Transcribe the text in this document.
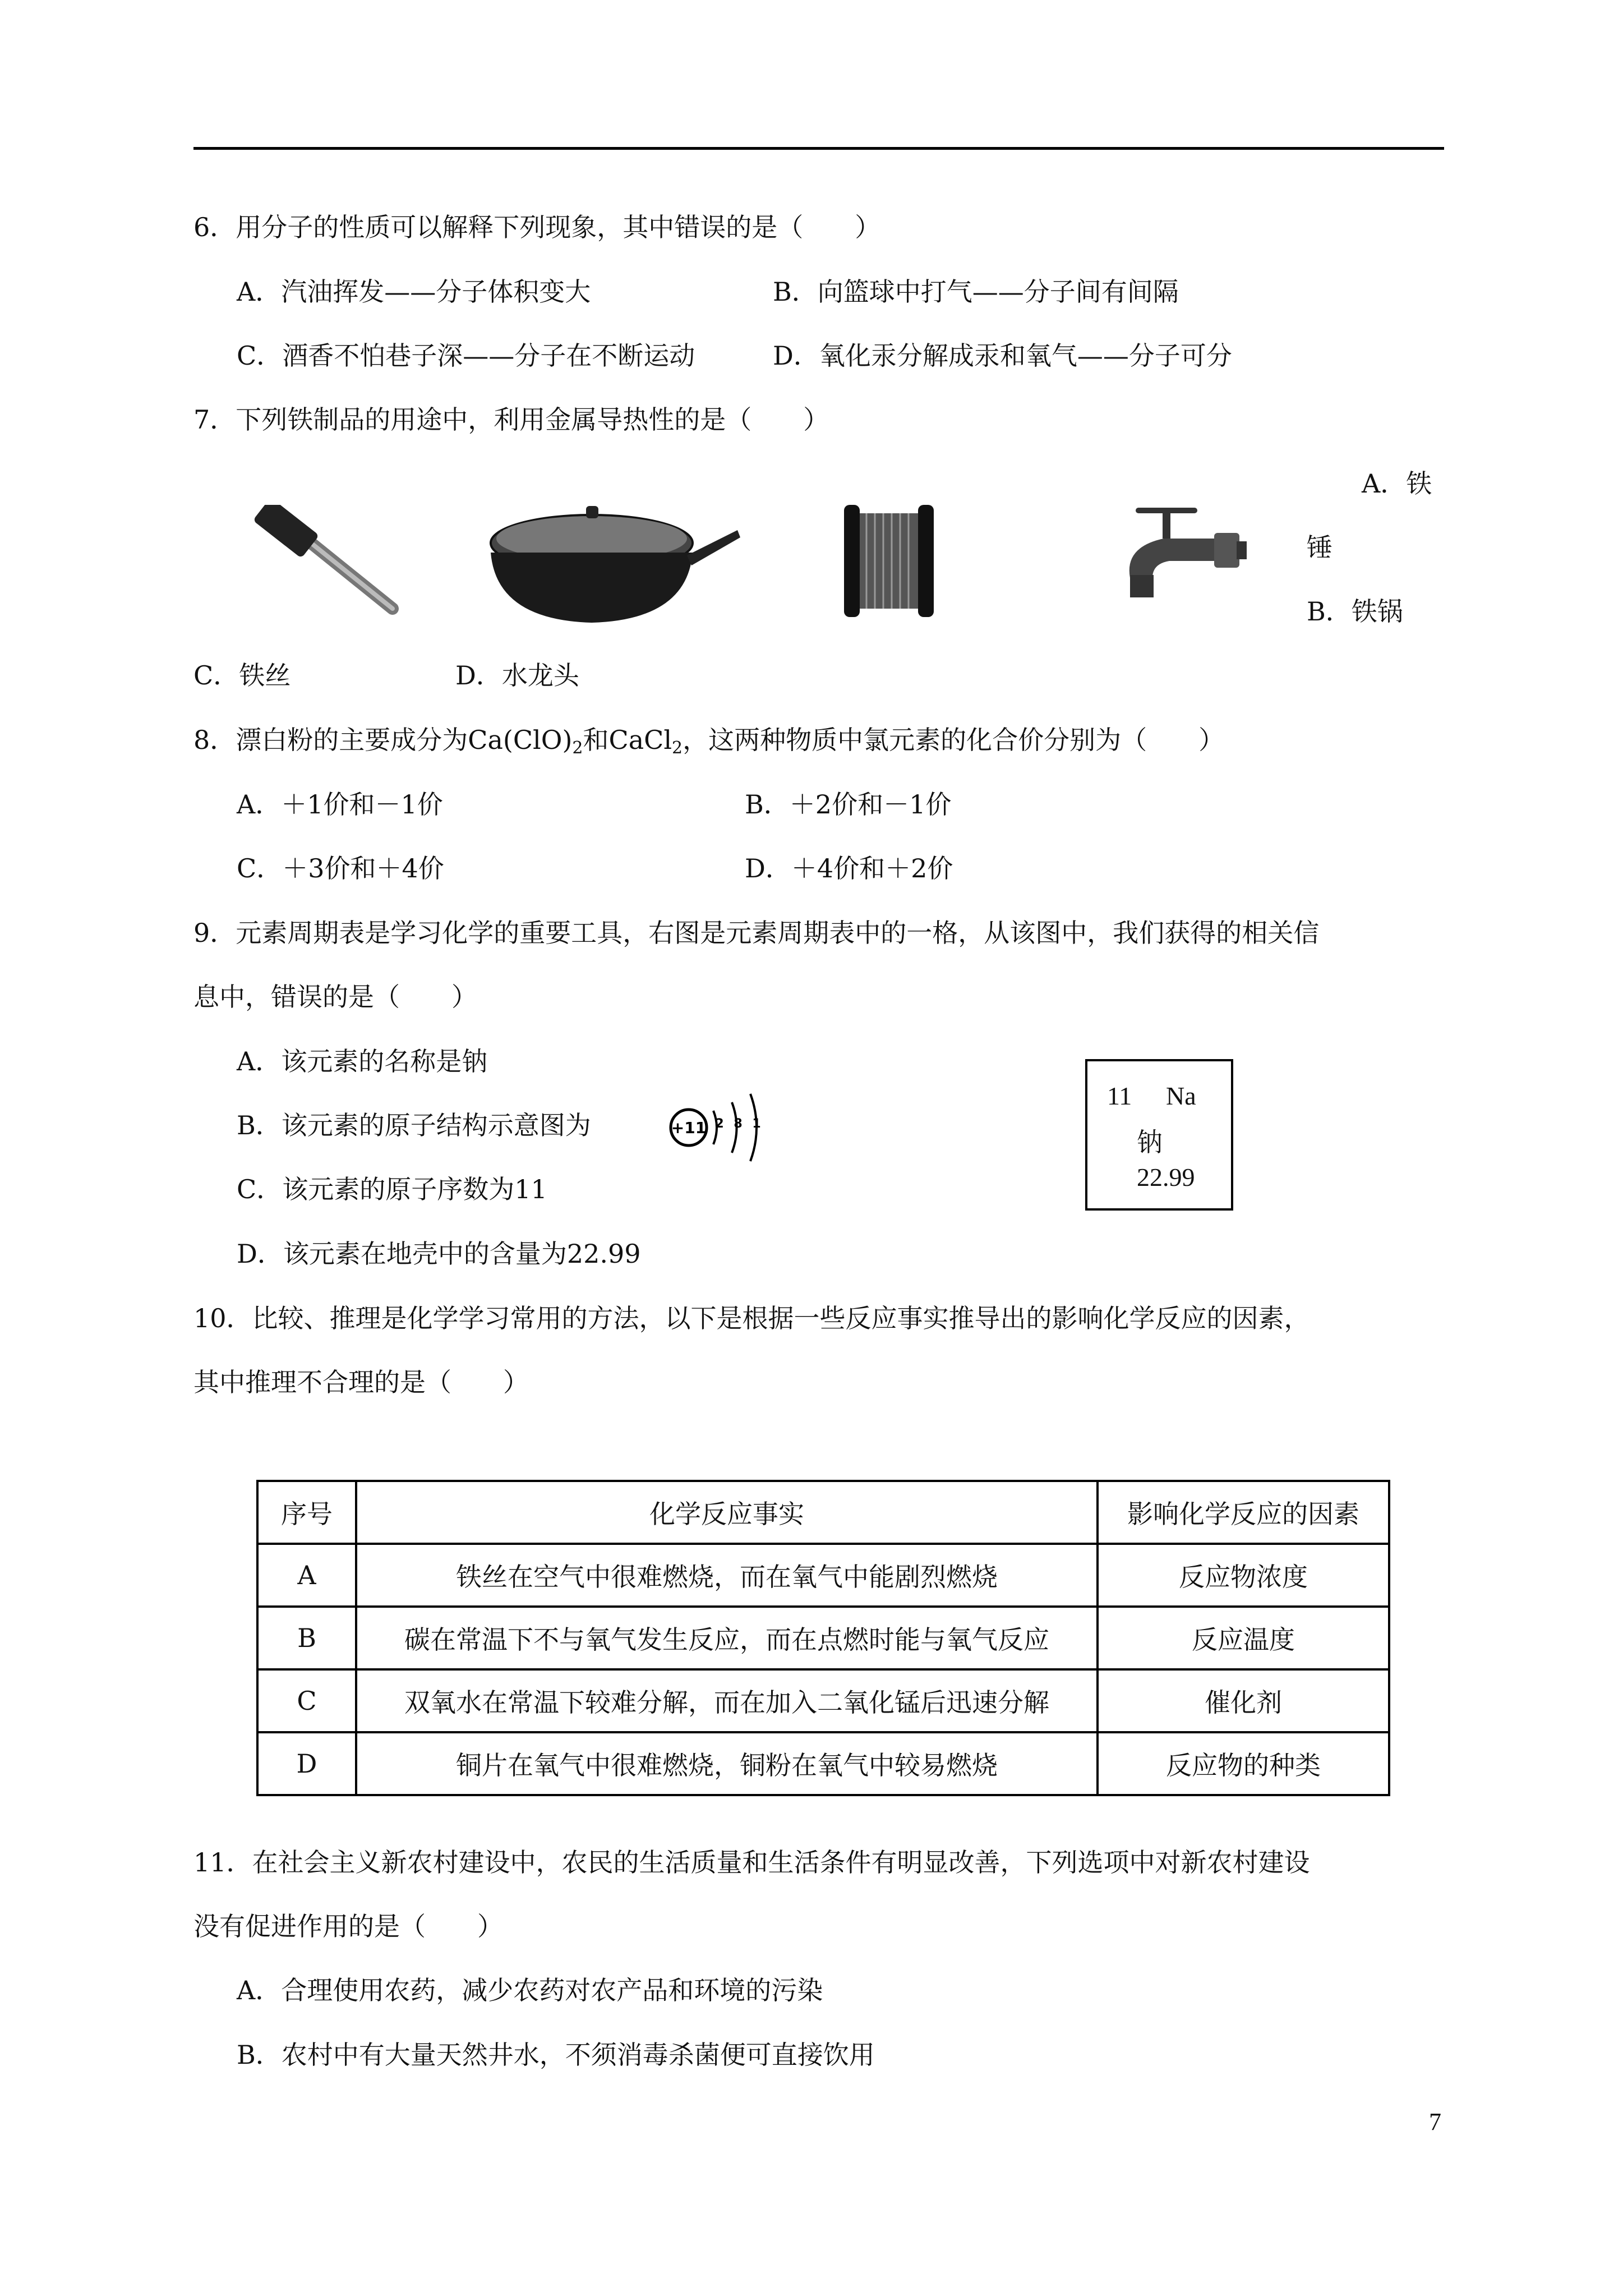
6．用分子的性质可以解释下列现象，其中错误的是（　　）
A．汽油挥发——分子体积变大	B．向篮球中打气——分子间有间隔
C．酒香不怕巷子深——分子在不断运动	D．氧化汞分解成汞和氧气——分子可分
7．下列铁制品的用途中，利用金属导热性的是（　　）
A．铁
锤
B．铁锅
C．铁丝	D．水龙头
8．漂白粉的主要成分为$Ca(ClO)_2$和CaCl$_2$，这两种物质中氯元素的化合价分别为（　　）
A．＋1价和－1价	B．＋2价和－1价
C．＋3价和＋4价	D．＋4价和＋2价
9．元素周期表是学习化学的重要工具，右图是元素周期表中的一格，从该图中，我们获得的相关信
息中，错误的是（　　）
A．该元素的名称是钠
B．该元素的原子结构示意图为	+11 2 8 1
C．该元素的原子序数为11
D．该元素在地壳中的含量为22.99
11 Na
钠
22.99
10．比较、推理是化学学习常用的方法，以下是根据一些反应事实推导出的影响化学反应的因素，
其中推理不合理的是（　　）
序号	化学反应事实	影响化学反应的因素
A	铁丝在空气中很难燃烧，而在氧气中能剧烈燃烧	反应物浓度
B	碳在常温下不与氧气发生反应，而在点燃时能与氧气反应	反应温度
C	双氧水在常温下较难分解，而在加入二氧化锰后迅速分解	催化剂
D	铜片在氧气中很难燃烧，铜粉在氧气中较易燃烧	反应物的种类
11．在社会主义新农村建设中，农民的生活质量和生活条件有明显改善，下列选项中对新农村建设
没有促进作用的是（　　）
A．合理使用农药，减少农药对农产品和环境的污染
B．农村中有大量天然井水，不须消毒杀菌便可直接饮用
7
